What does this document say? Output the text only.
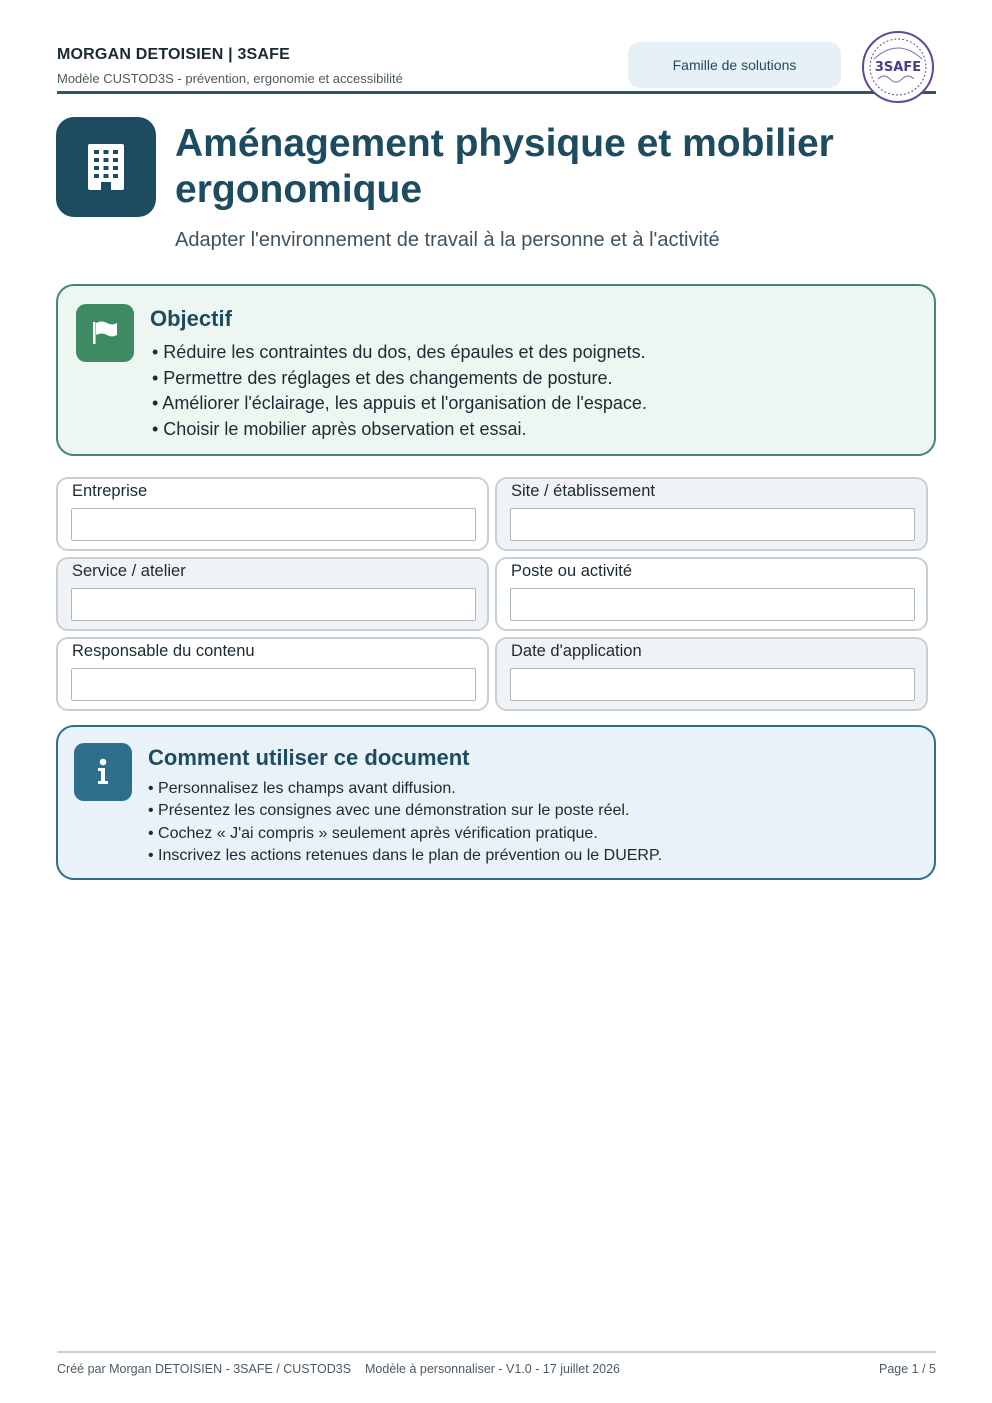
MORGAN DETOISIEN | 3SAFE
Modèle CUSTOD3S - prévention, ergonomie et accessibilité
Famille de solutions	3SAFE
Aménagement physique et mobilier ergonomique
Adapter l'environnement de travail à la personne et à l'activité
Objectif
• Réduire les contraintes du dos, des épaules et des poignets.
• Permettre des réglages et des changements de posture.
• Améliorer l'éclairage, les appuis et l'organisation de l'espace.
• Choisir le mobilier après observation et essai.
Entreprise	Site / établissement
Service / atelier	Poste ou activité
Responsable du contenu	Date d'application
Comment utiliser ce document
• Personnalisez les champs avant diffusion.
• Présentez les consignes avec une démonstration sur le poste réel.
• Cochez « J'ai compris » seulement après vérification pratique.
• Inscrivez les actions retenues dans le plan de prévention ou le DUERP.
Créé par Morgan DETOISIEN - 3SAFE / CUSTOD3S Modèle à personnaliser - V1.0 - 17 juillet 2026	Page 1 / 5
